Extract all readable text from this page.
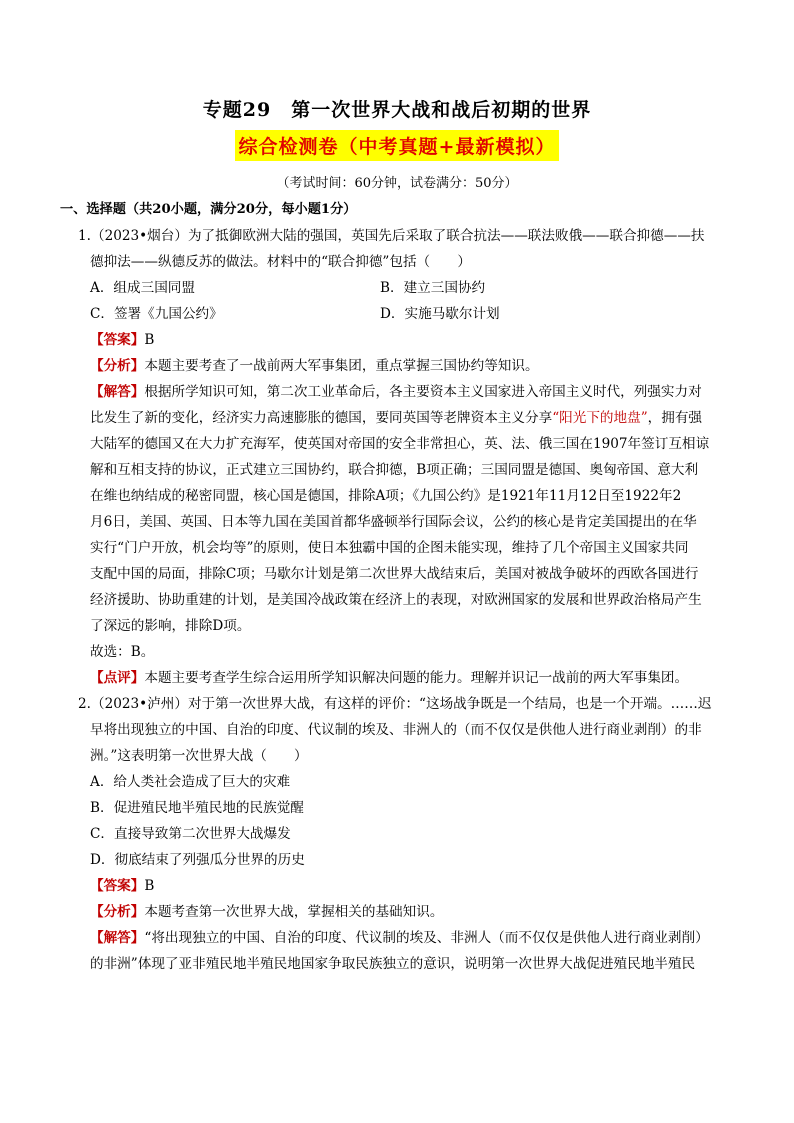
专题29　第一次世界大战和战后初期的世界
综合检测卷（中考真题+最新模拟）
（考试时间：60分钟，试卷满分：50分）
一、选择题（共20小题，满分20分，每小题1分）
1.（2023•烟台）为了抵御欧洲大陆的强国，英国先后采取了联合抗法——联法败俄——联合抑德——扶
德抑法——纵德反苏的做法。材料中的“联合抑德”包括（　　）
A．组成三国同盟	B．建立三国协约
C．签署《九国公约》	D．实施马歇尔计划
【答案】B
【分析】本题主要考查了一战前两大军事集团，重点掌握三国协约等知识。
【解答】根据所学知识可知，第二次工业革命后，各主要资本主义国家进入帝国主义时代，列强实力对
比发生了新的变化，经济实力高速膨胀的德国，要同英国等老牌资本主义分享“阳光下的地盘”，拥有强
大陆军的德国又在大力扩充海军，使英国对帝国的安全非常担心，英、法、俄三国在1907年签订互相谅
解和互相支持的协议，正式建立三国协约，联合抑德，B项正确；三国同盟是德国、奥匈帝国、意大利
在维也纳结成的秘密同盟，核心国是德国，排除A项；《九国公约》是1921年11月12日至1922年2
月6日，美国、英国、日本等九国在美国首都华盛顿举行国际会议，公约的核心是肯定美国提出的在华
实行“门户开放，机会均等”的原则，使日本独霸中国的企图未能实现，维持了几个帝国主义国家共同
支配中国的局面，排除C项；马歇尔计划是第二次世界大战结束后，美国对被战争破坏的西欧各国进行
经济援助、协助重建的计划，是美国冷战政策在经济上的表现，对欧洲国家的发展和世界政治格局产生
了深远的影响，排除D项。
故选：B。
【点评】本题主要考查学生综合运用所学知识解决问题的能力。理解并识记一战前的两大军事集团。
2.（2023•泸州）对于第一次世界大战，有这样的评价：“这场战争既是一个结局，也是一个开端。……迟
早将出现独立的中国、自治的印度、代议制的埃及、非洲人的（而不仅仅是供他人进行商业剥削）的非
洲。”这表明第一次世界大战（　　）
A．给人类社会造成了巨大的灾难
B．促进殖民地半殖民地的民族觉醒
C．直接导致第二次世界大战爆发
D．彻底结束了列强瓜分世界的历史
【答案】B
【分析】本题考查第一次世界大战，掌握相关的基础知识。
【解答】“将出现独立的中国、自治的印度、代议制的埃及、非洲人（而不仅仅是供他人进行商业剥削）
的非洲”体现了亚非殖民地半殖民地国家争取民族独立的意识，说明第一次世界大战促进殖民地半殖民
